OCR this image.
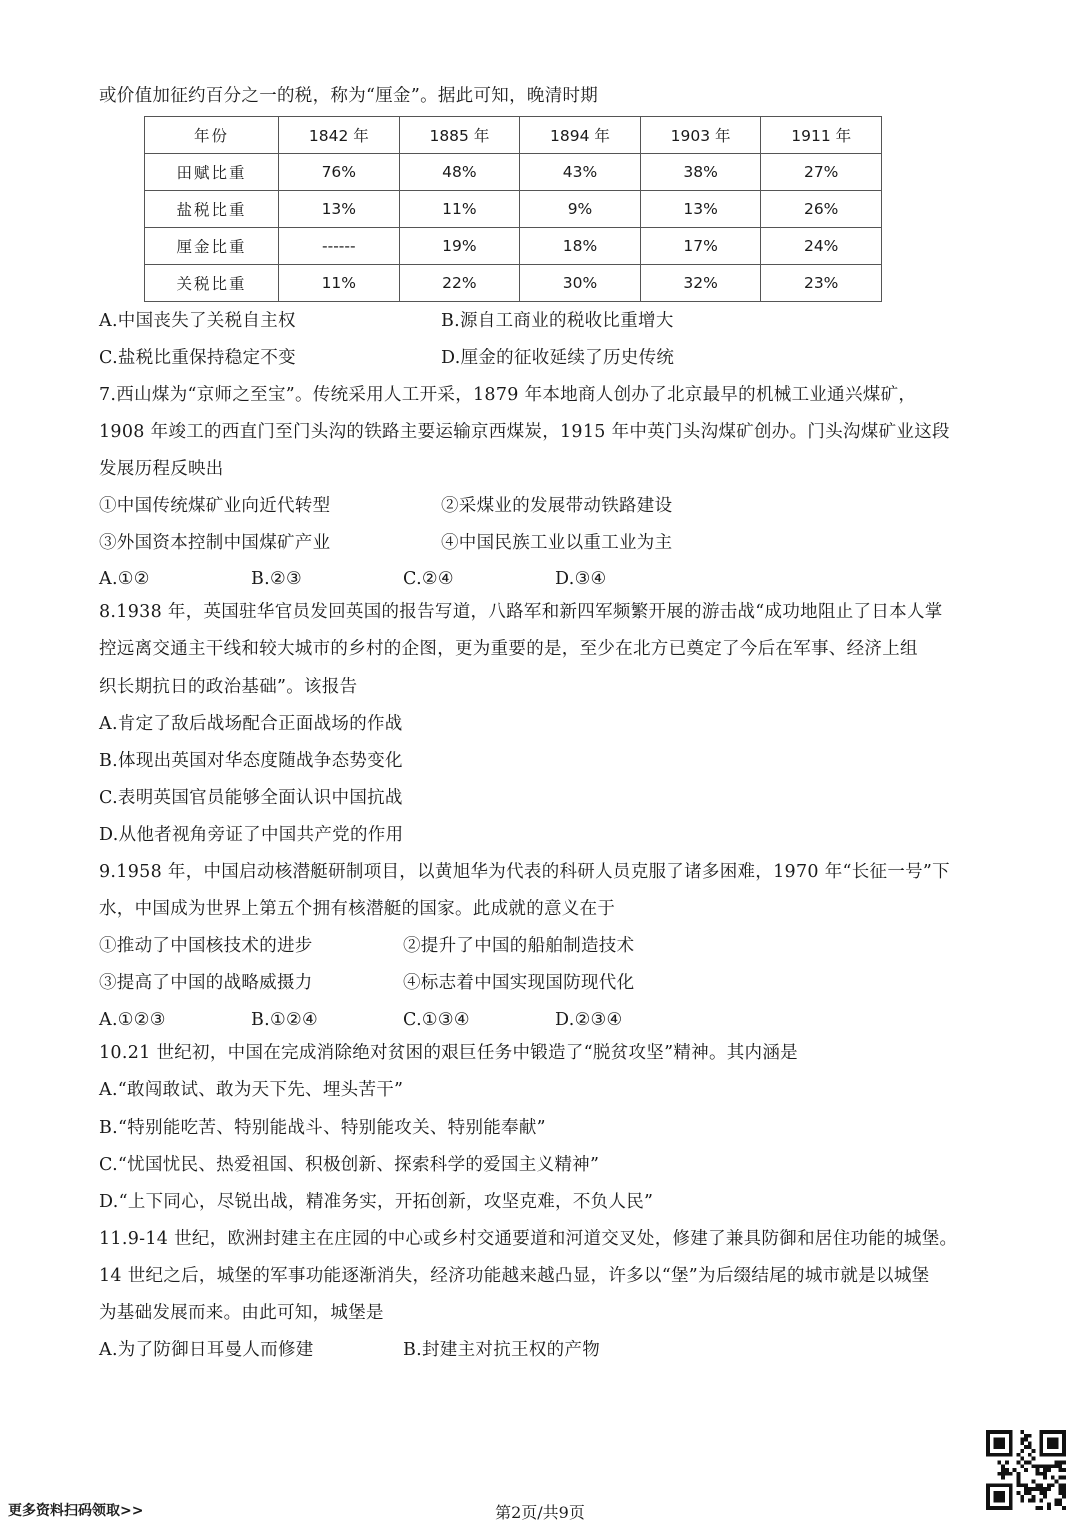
或价值加征约百分之一的税，称为“厘金”。据此可知，晚清时期
年份	1842 年	1885 年	1894 年	1903 年	1911 年
田赋比重	76%	48%	43%	38%	27%
盐税比重	13%	11%	9%	13%	26%
厘金比重	------	19%	18%	17%	24%
关税比重	11%	22%	30%	32%	23%
A.中国丧失了关税自主权	B.源自工商业的税收比重增大
C.盐税比重保持稳定不变	D.厘金的征收延续了历史传统
7.西山煤为“京师之至宝”。传统采用人工开采，1879 年本地商人创办了北京最早的机械工业通兴煤矿，
1908 年竣工的西直门至门头沟的铁路主要运输京西煤炭，1915 年中英门头沟煤矿创办。门头沟煤矿业这段
发展历程反映出
①中国传统煤矿业向近代转型	②采煤业的发展带动铁路建设
③外国资本控制中国煤矿产业	④中国民族工业以重工业为主
A.①②	B.②③	C.②④	D.③④
8.1938 年，英国驻华官员发回英国的报告写道，八路军和新四军频繁开展的游击战“成功地阻止了日本人掌
控远离交通主干线和较大城市的乡村的企图，更为重要的是，至少在北方已奠定了今后在军事、经济上组
织长期抗日的政治基础”。该报告
A.肯定了敌后战场配合正面战场的作战
B.体现出英国对华态度随战争态势变化
C.表明英国官员能够全面认识中国抗战
D.从他者视角旁证了中国共产党的作用
9.1958 年，中国启动核潜艇研制项目，以黄旭华为代表的科研人员克服了诸多困难，1970 年“长征一号”下
水，中国成为世界上第五个拥有核潜艇的国家。此成就的意义在于
①推动了中国核技术的进步	②提升了中国的船舶制造技术
③提高了中国的战略威摄力	④标志着中国实现国防现代化
A.①②③	B.①②④	C.①③④	D.②③④
10.21 世纪初，中国在完成消除绝对贫困的艰巨任务中锻造了“脱贫攻坚”精神。其内涵是
A.“敢闯敢试、敢为天下先、埋头苦干”
B.“特别能吃苦、特别能战斗、特别能攻关、特别能奉献”
C.“忧国忧民、热爱祖国、积极创新、探索科学的爱国主义精神”
D.“上下同心，尽锐出战，精准务实，开拓创新，攻坚克难，不负人民”
11.9-14 世纪，欧洲封建主在庄园的中心或乡村交通要道和河道交叉处，修建了兼具防御和居住功能的城堡。
14 世纪之后，城堡的军事功能逐渐消失，经济功能越来越凸显，许多以“堡”为后缀结尾的城市就是以城堡
为基础发展而来。由此可知，城堡是
A.为了防御日耳曼人而修建	B.封建主对抗王权的产物
更多资料扫码领取>>	第2页/共9页
